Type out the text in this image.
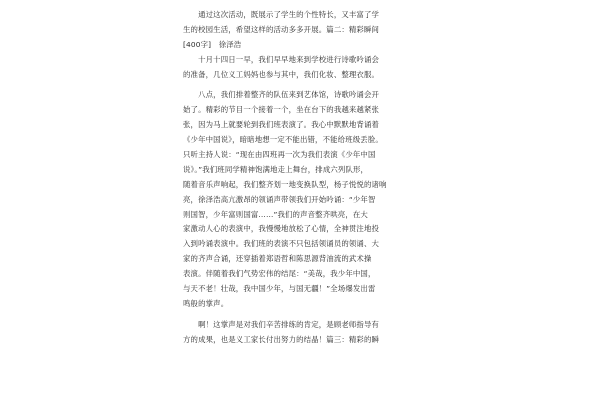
　　通过这次活动，既展示了学生的个性特长，又丰富了学
生的校园生活，希望这样的活动多多开展。篇二：精彩瞬间
[400字]　徐泽浩
　　十月十四日一早，我们早早地来到学校进行诗歌吟诵会
的准备，几位义工妈妈也参与其中，我们化妆、整理衣服。
　　八点，我们排着整齐的队伍来到艺体馆，诗歌吟诵会开
始了。精彩的节目一个接着一个，坐在台下的我越来越紧张
张，因为马上就要轮到我们班表演了。我心中默默地背诵着
《少年中国说》，暗暗地想一定不能出错，不能给班级丢脸。
只听主持人说：“现在由四班再一次为我们表演《少年中国
说》。”我们班同学精神饱满地走上舞台，排成六列队形，
随着音乐声响起，我们整齐划一地变换队型，杨子悦悦的诸响
亮，徐泽浩高亢激昂的领诵声带领我们开始吟诵：“少年智
则国智，少年富则国富……”我们的声音整齐哄亮，在大
家激动人心的表演中，我慢慢地放松了心情，全神贯注地投
入到吟诵表演中。我们班的表演不只包括领诵员的领诵、大
家的齐声合诵，还穿插着郑语哲和陈思源背油流的武术操
表演。伴随着我们气势宏伟的结尾：“美哉，我少年中国，
与天不老！壮哉，我中国少年，与国无疆！”全场爆发出雷
鸣般的掌声。
　　啊！这掌声是对我们辛苦排练的肯定，是顾老师指导有
方的成果，也是义工家长付出努力的结晶！篇三：精彩的瞬
